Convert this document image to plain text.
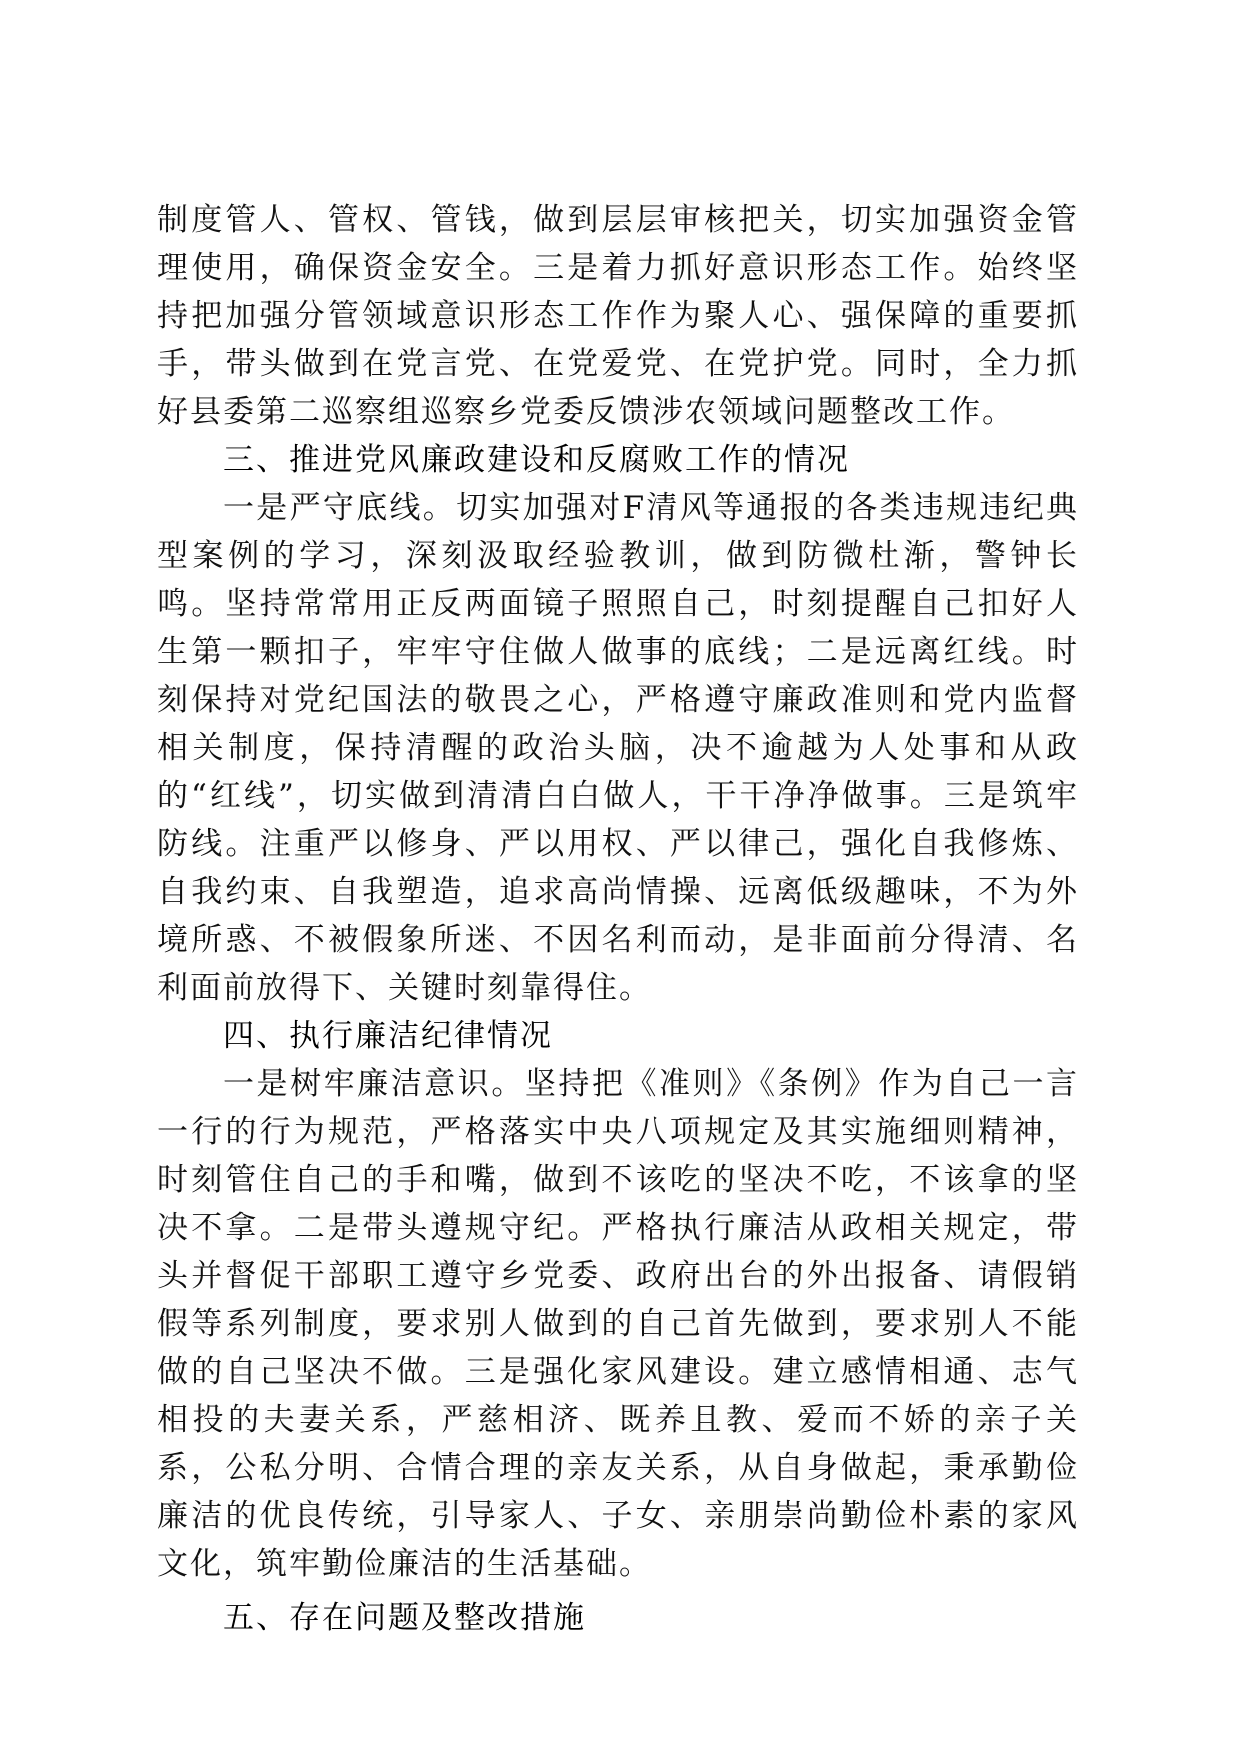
制度管人、管权、管钱，做到层层审核把关，切实加强资金管理使用，确保资金安全。三是着力抓好意识形态工作。始终坚持把加强分管领域意识形态工作作为聚人心、强保障的重要抓手，带头做到在党言党、在党爱党、在党护党。同时，全力抓好县委第二巡察组巡察乡党委反馈涉农领域问题整改工作。

三、推进党风廉政建设和反腐败工作的情况

一是严守底线。切实加强对F清风等通报的各类违规违纪典型案例的学习，深刻汲取经验教训，做到防微杜渐，警钟长鸣。坚持常常用正反两面镜子照照自己，时刻提醒自己扣好人生第一颗扣子，牢牢守住做人做事的底线；二是远离红线。时刻保持对党纪国法的敬畏之心，严格遵守廉政准则和党内监督相关制度，保持清醒的政治头脑，决不逾越为人处事和从政的“红线”，切实做到清清白白做人，干干净净做事。三是筑牢防线。注重严以修身、严以用权、严以律己，强化自我修炼、自我约束、自我塑造，追求高尚情操、远离低级趣味，不为外境所惑、不被假象所迷、不因名利而动，是非面前分得清、名利面前放得下、关键时刻靠得住。

四、执行廉洁纪律情况

一是树牢廉洁意识。坚持把《准则》《条例》作为自己一言一行的行为规范，严格落实中央八项规定及其实施细则精神，时刻管住自己的手和嘴，做到不该吃的坚决不吃，不该拿的坚决不拿。二是带头遵规守纪。严格执行廉洁从政相关规定，带头并督促干部职工遵守乡党委、政府出台的外出报备、请假销假等系列制度，要求别人做到的自己首先做到，要求别人不能做的自己坚决不做。三是强化家风建设。建立感情相通、志气相投的夫妻关系，严慈相济、既养且教、爱而不娇的亲子关系，公私分明、合情合理的亲友关系，从自身做起，秉承勤俭廉洁的优良传统，引导家人、子女、亲朋崇尚勤俭朴素的家风文化，筑牢勤俭廉洁的生活基础。

五、存在问题及整改措施
